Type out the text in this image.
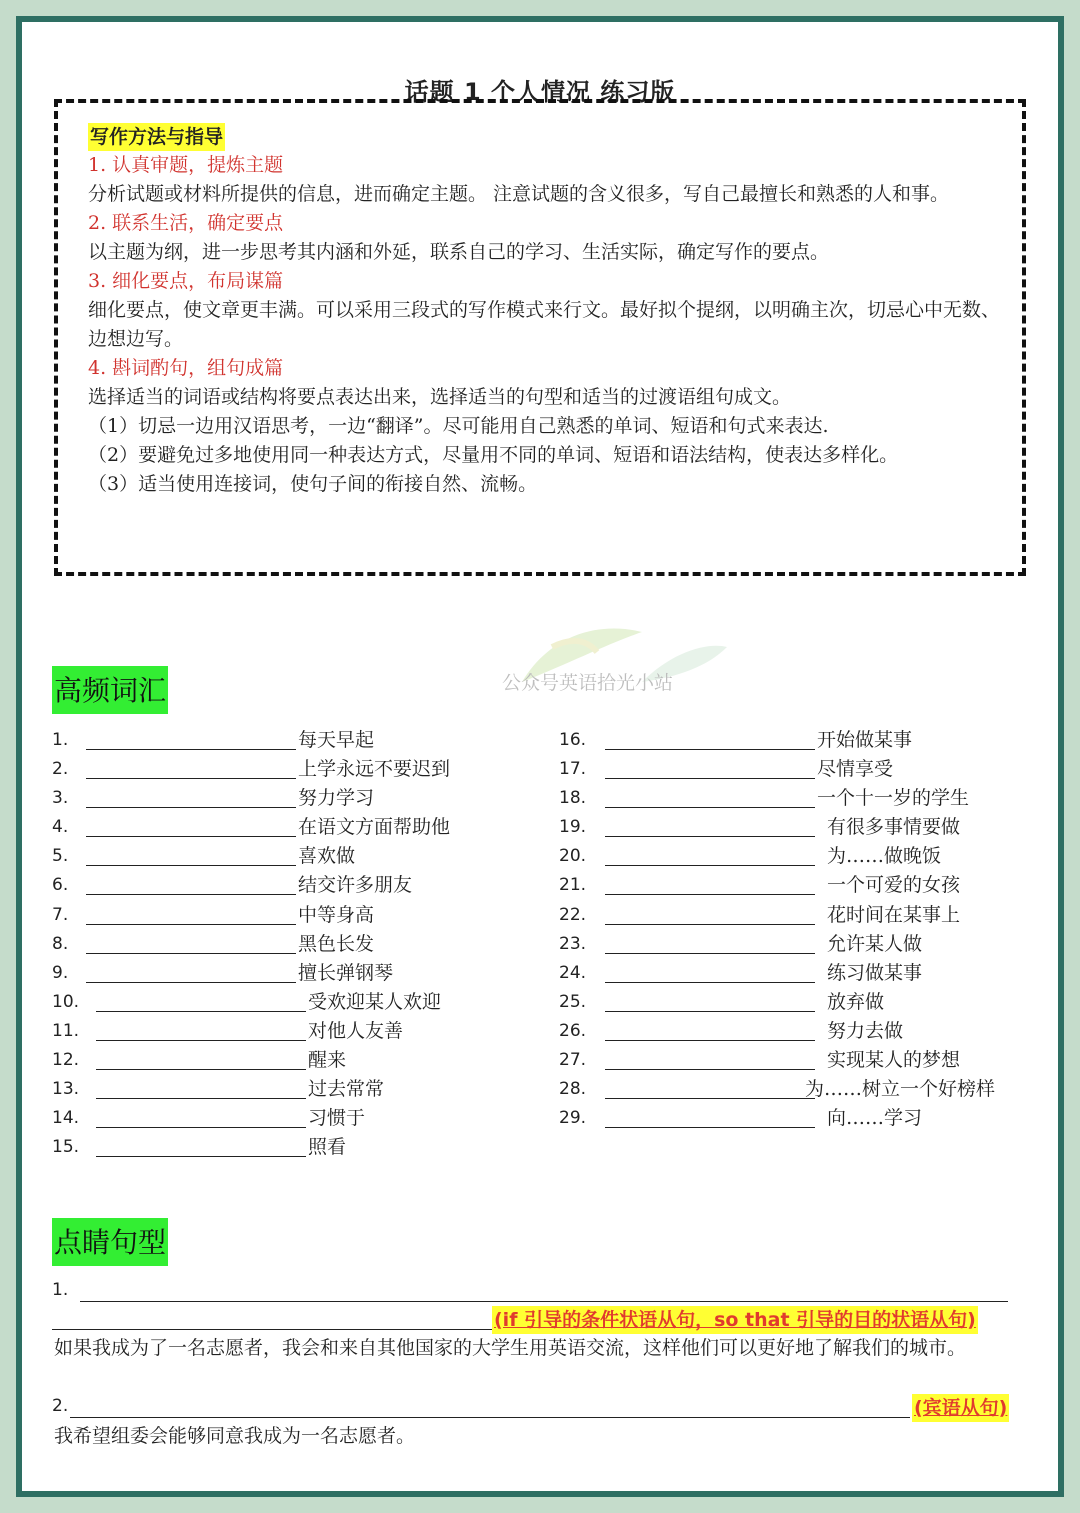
话题 1 个人情况 练习版
写作方法与指导
1. 认真审题，提炼主题

分析试题或材料所提供的信息，进而确定主题。 注意试题的含义很多，写自己最擅长和熟悉的人和事。

2. 联系生活，确定要点

以主题为纲，进一步思考其内涵和外延，联系自己的学习、生活实际，确定写作的要点。

3. 细化要点，布局谋篇

细化要点，使文章更丰满。可以采用三段式的写作模式来行文。最好拟个提纲，以明确主次，切忌心中无数、边想边写。

4. 斟词酌句，组句成篇

选择适当的词语或结构将要点表达出来，选择适当的句型和适当的过渡语组句成文。

（1）切忌一边用汉语思考，一边“翻译”。尽可能用自己熟悉的单词、短语和句式来表达.

（2）要避免过多地使用同一种表达方式，尽量用不同的单词、短语和语法结构，使表达多样化。

（3）适当使用连接词，使句子间的衔接自然、流畅。

公众号英语拾光小站
高频词汇
1.	每天早起
2.	上学永远不要迟到
3.	努力学习
4.	在语文方面帮助他
5.	喜欢做
6.	结交许多朋友
7.	中等身高
8.	黑色长发
9.	擅长弹钢琴
10.	受欢迎某人欢迎
11.	对他人友善
12.	醒来
13.	过去常常
14.	习惯于
15.	照看
16.	开始做某事
17.	尽情享受
18.	一个十一岁的学生
19.	有很多事情要做
20.	为……做晚饭
21.	一个可爱的女孩
22.	花时间在某事上
23.	允许某人做
24.	练习做某事
25.	放弃做
26.	努力去做
27.	实现某人的梦想
28.	为……树立一个好榜样
29.	向……学习
点睛句型
1.
(if 引导的条件状语从句，so that 引导的目的状语从句)
如果我成为了一名志愿者，我会和来自其他国家的大学生用英语交流，这样他们可以更好地了解我们的城市。
2.	(宾语从句)
我希望组委会能够同意我成为一名志愿者。
